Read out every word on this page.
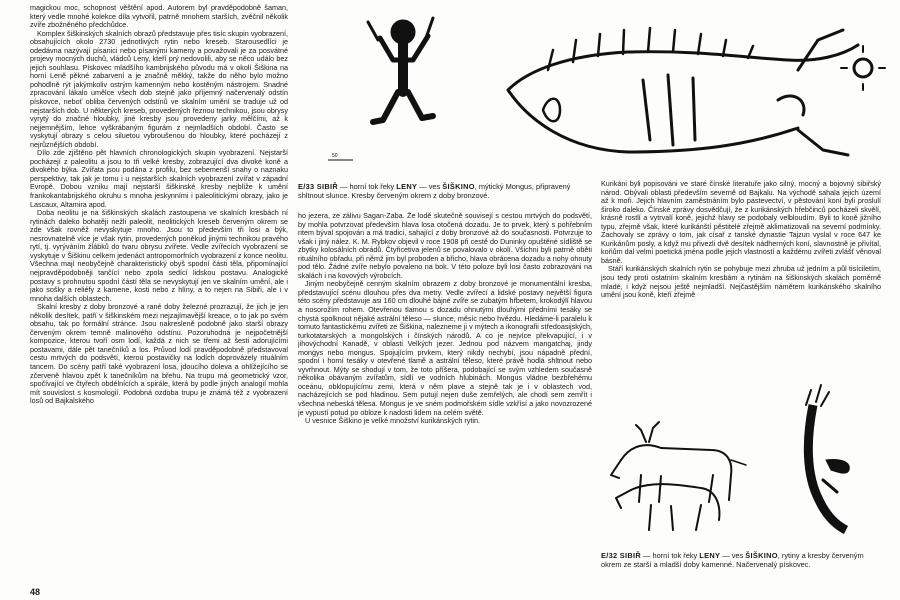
50
E/33 SIBIŘ — horní tok řeky LENY — ves ŠIŠKINO, mýtický Mongus, připravený shltnout slunce. Kresby červeným okrem z doby bronzové.

magickou moc, schopnost věštění apod. Autorem byl pravděpodobně šaman, který vedle mnohé kolekce díla vytvořil, patrně mnohem starších, zvěčnil několik zvíře zbožněného předchůdce.

Komplex šiškinských skalních obrazů představuje přes tisíc skupin vyobrazení, obsahujících okolo 2730 jednotlivých rytin nebo kreseb. Starousedlíci je odedávna nazývají písanici nebo písanými kameny a považovali je za posvátné projevy mocných duchů, vládců Leny, kteří prý nedovolili, aby se něco událo bez jejich souhlasu. Pískovec mladšího kambrijského původu má v okolí Šiškina na horní Leně pěkné zabarvení a je značně měkký, takže do něho bylo možno pohodlně rýt jakýmkoliv ostrým kamenným nebo kostěným nástrojem. Snadné zpracování lákalo umělce všech dob stejně jako příjemný načervenalý odstín pískovce, neboť obliba červených odstínů ve skalním umění se traduje už od nejstarších dob. U některých kreseb, provedených řeznou technikou, jsou obrysy vyrytý do značné hloubky, jiné kresby jsou provedeny jarky mělčími, až k nejjemnějším, lehce vyškrábaným figurám z nejmladších období. Často se vyskytují obrazy s celou siluetou vybroušenou do hloubky, které pocházejí z nejrůznějších období.

Dílo zde zjištěno pět hlavních chronologických skupin vyobrazení. Nejstarší pocházejí z paleolitu a jsou to tři velké kresby, zobrazující dva divoké koně a divokého býka. Zvířata jsou podána z profilu, bez sebemenší snahy o naznaku perspektivy, tak jak je tomu i u nejstarších skalních vyobrazení zvířat v západní Evropě. Dobou vzniku mají nejstarší šiškinské kresby nejblíže k umění frankokantabrijského okruhu s mnoha jeskynními i paleolitickými obrazy, jako je Lascaux, Altamira apod.

Doba neolitu je na šiškinských skalách zastoupena ve skalních kresbách ní rytinách daleko bohatěji nežli paleolit, neolitických kreseb červeným okrem se zde však rovněž nevyskytuje mnoho. Jsou to především tři losi a býk, nesrovnatelně více je však rytin, provedených poněkud jinými technikou pravého rytí, tj. vyrýváním žlábků do tvaru obrysu zvířete. Vedle zvířecích vyobrazení se vyskytuje v Šiškinu celkem jedenáct antropomorfních vyobrazení z konce neolitu. Všechna mají neobyčejně charakteristický obyš spodní části těla, připomínající nejpravděpodobněji tančící nebo zpola sedící lidskou postavu. Analogické postavy s prohnutou spodní částí těla se nevyskytují jen ve skalním umění, ale i jako sošky a reliéfy z kamene, kosti nebo z hlíny, a to nejen na Sibiři, ale i v mnoha dalších oblastech.

Skalní kresby z doby bronzové a rané doby železné prozrazují, že jich je jen několik desítek, patří v šiškinském mezi nejzajímavější kreace, o to jak po svém obsahu, tak po formální stránce. Jsou nakresleně podobně jako starší obrazy červeným okrem temně malinového odstínu. Pozoruhodná je nejpočetnější kompozice, kterou tvoří osm lodí, každá z nich se třemi až šesti adorujícími postavami, dále pět tanečníků a los. Průvod lodí pravděpodobně představoval cestu mrtvých do podsvětí, kterou postavičky na lodích doprovázely rituálním tancem. Do scény patří také vyobrazení losa, jdoucího doleva a ohlížejícího se zčerveně hlavou zpět k tanečníkům na břehu. Na trupu má geometrický vzor, spočívající ve čtyřech obdélnících a spirále, která by podle jiných analogií mohla mít souvislost s kosmologií. Podobná ozdoba trupu je známá též z vyobrazení losů od Bajkalského

ho jezera, ze zálivu Sagan-Zaba. Že lodě skutečně souvisejí s cestou mrtvých do podsvětí, by mohla potvrzovat především hlava losa otočená dozadu. Je to prvek, který s pohřebním ritem býval spojován a má tradici, sahající z doby bronzové až do současnosti. Potvrzuje to však i jiný nález. K. M. Rybkov objevil v roce 1908 při cestě do Duninky opuštěné sídliště se zbytky kolosálních obrádů. Čtyřicetiva jelenů se povalovalo v okolí. Všichni byli patrně oběti rituálního obřadu, při němž jim byl proboden a břicho, hlava obrácena dozadu a nohy ohnuty pod tělo. Žádné zvíře nebylo povaleno na bok. V této poloze byli losi často zobrazováni na skalách i na kovových výrobcích.

Jiným neobyčejně cenným skalním obrazem z doby bronzové je monumentální kresba, představující scénu dlouhou přes dva metry. Vedle zvířecí a lidské postavy největší figura této scény představuje asi 160 cm dlouhé bájné zvíře se zubatým hřbetem, krokodýlí hlavou a nosorožím rohem. Otevřenou tlamou s dozadu ohnutými dlouhými předními tesáky se chystá spolknout nějaké astrální těleso — slunce, měsíc nebo hvězdu. Hledáme-li paralelu k tomuto fantastickému zvířeti ze Šiškina, nalezneme ji v mýtech a ikonografii středoasijských, turkotatarských a mongolských i čínských národů. A co je nejvíce překvapující, i v jihovýchodní Kanadě, v oblasti Velkých jezer. Jednou pod názvem mangatchaj, jindy mongys nebo mongus. Spojujícím prvkem, který nikdy nechybí, jsou nápadně přední, spodní i horní tesáky v otevřené tlamě a astrální těleso, které právě hodlá shltnout nebo vyvrhnout. Mýty se shodují v tom, že toto příšera, podobající se svým vzhledem současně několika obávaným zvířatům, sídlí ve vodních hlubinách. Mongus vládne bezbřehému oceánu, obklopujícímu zemi, která v něm plave a stejně tak je i v oblastech vod, nacházejících se pod hladinou. Sem putují nejen duše zemřelých, ale chodí sem zemřít i všechna nebeská tělesa. Mongus je ve sném podmořském sídle vzkřísí a jako novozrozené je vypustí potud po obloze k nadosti lidem na celém světě.

U vesnice Šiškino je velké množství kurikánských rytin.

Kurikáni byli popisováni ve staré čínské literatuře jako silný, mocný a bojovný sibiřský národ. Obývali oblasti především severně od Bajkalu. Na východě sahala jejich území až k moři. Jejich hlavním zaměstnáním bylo pastevectví, v pěstování koní byli proslulí široko daleko. Čínské zprávy dosvědčují, že z kurikánských hřebčinců pocházeli skvělí, krásně rostlí a vytrvalí koně, jejichž hlavy se podobaly velbloudím. Byli to koně jižního typu, zřejmě však, které kurikánští pěstitelé zřejmě aklimatizovali na severní podmínky. Zachovaly se zprávy o tom, jak císař z tanské dynastie Tajzun vyslal v roce 647 ke Kurikánům posly, a když mu přivezli dvě desítek nádherných koní, slavnostně je přivítal, koňům dal velmi poetická jména podle jejich vlastností a každému zvířeti zvlášť věnoval básně.

Stáří kurikánských skalních rytin se pohybuje mezi zhruba už jedním a půl tisíciletím, jsou tedy proti ostatním skalním kresbám a rytinám na šiškinských skalách poměrně mladé, i když nejsou ještě nejmladší. Nejčastějším námětem kurikánského skalního umění jsou koně, kteří zřejmě

E/32 SIBIŘ — horní tok řeky LENY — ves ŠIŠKINO, rytiny a kresby červeným okrem ze starší a mladší doby kamenné. Načervenalý pískovec.
48
